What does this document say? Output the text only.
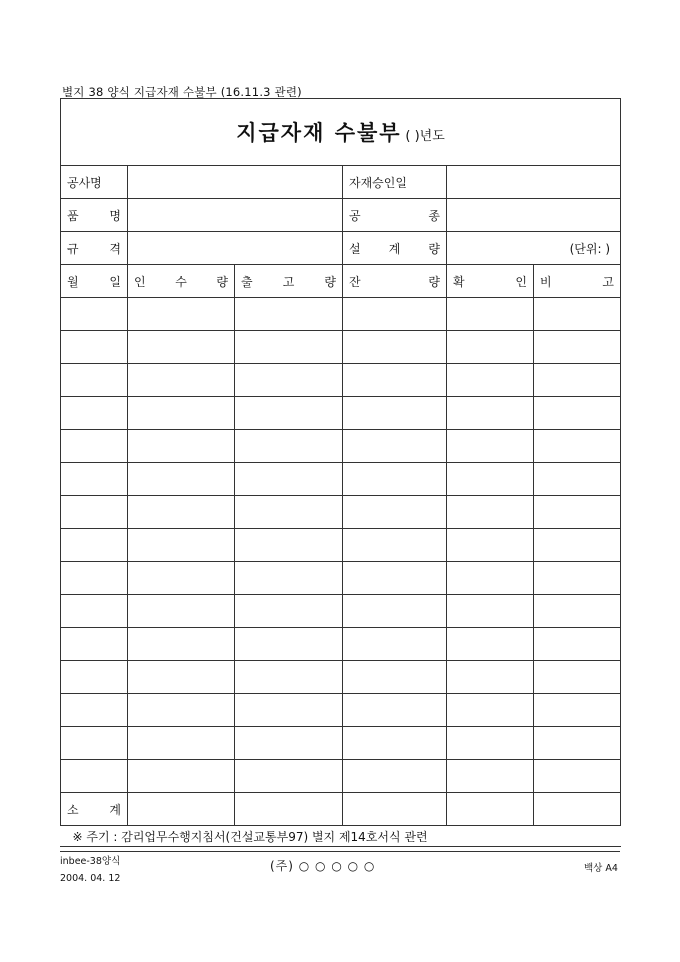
별지 38 양식 지급자재 수불부 (16.11.3 관련)
지급자재 수불부 ( )년도					
공사명			자재승인일		

품 명			공 종		

규 격			설 계 량	(단위: )	

월 일	인 수 량	출 고 량	잔 량	확 인	비 고

소 계					

※ 주기 : 감리업무수행지침서(건설교통부97) 별지 제14호서식 관련					
inbee-38양식
2004. 04. 12
(주) ○ ○ ○ ○ ○	백상 A4
